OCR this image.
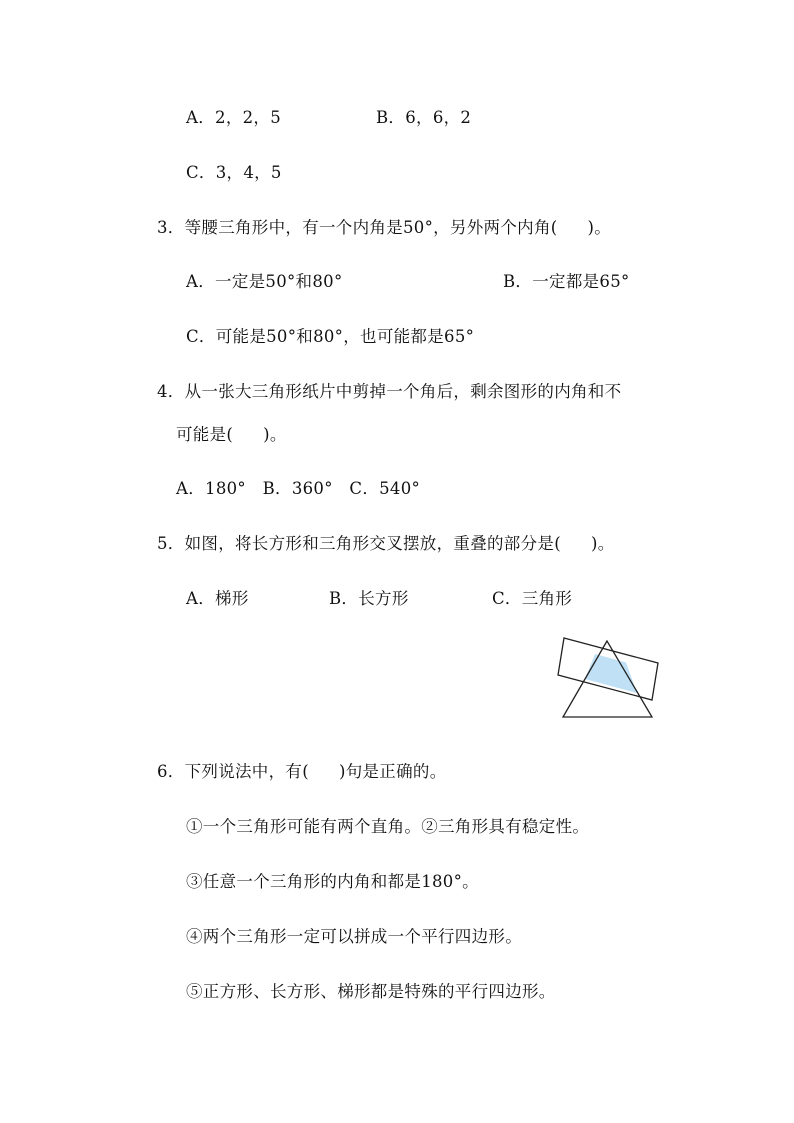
A．2，2，5	B．6，6，2
C．3，4，5
3．等腰三角形中，有一个内角是50°，另外两个内角( )。
A．一定是50°和80°	B．一定都是65°
C．可能是50°和80°，也可能都是65°
4．从一张大三角形纸片中剪掉一个角后，剩余图形的内角和不
可能是( )。
A．180°   B．360°   C．540°
5．如图，将长方形和三角形交叉摆放，重叠的部分是( )。
A．梯形	B．长方形	C．三角形
6．下列说法中，有( )句是正确的。
①一个三角形可能有两个直角。②三角形具有稳定性。
③任意一个三角形的内角和都是180°。
④两个三角形一定可以拼成一个平行四边形。
⑤正方形、长方形、梯形都是特殊的平行四边形。
